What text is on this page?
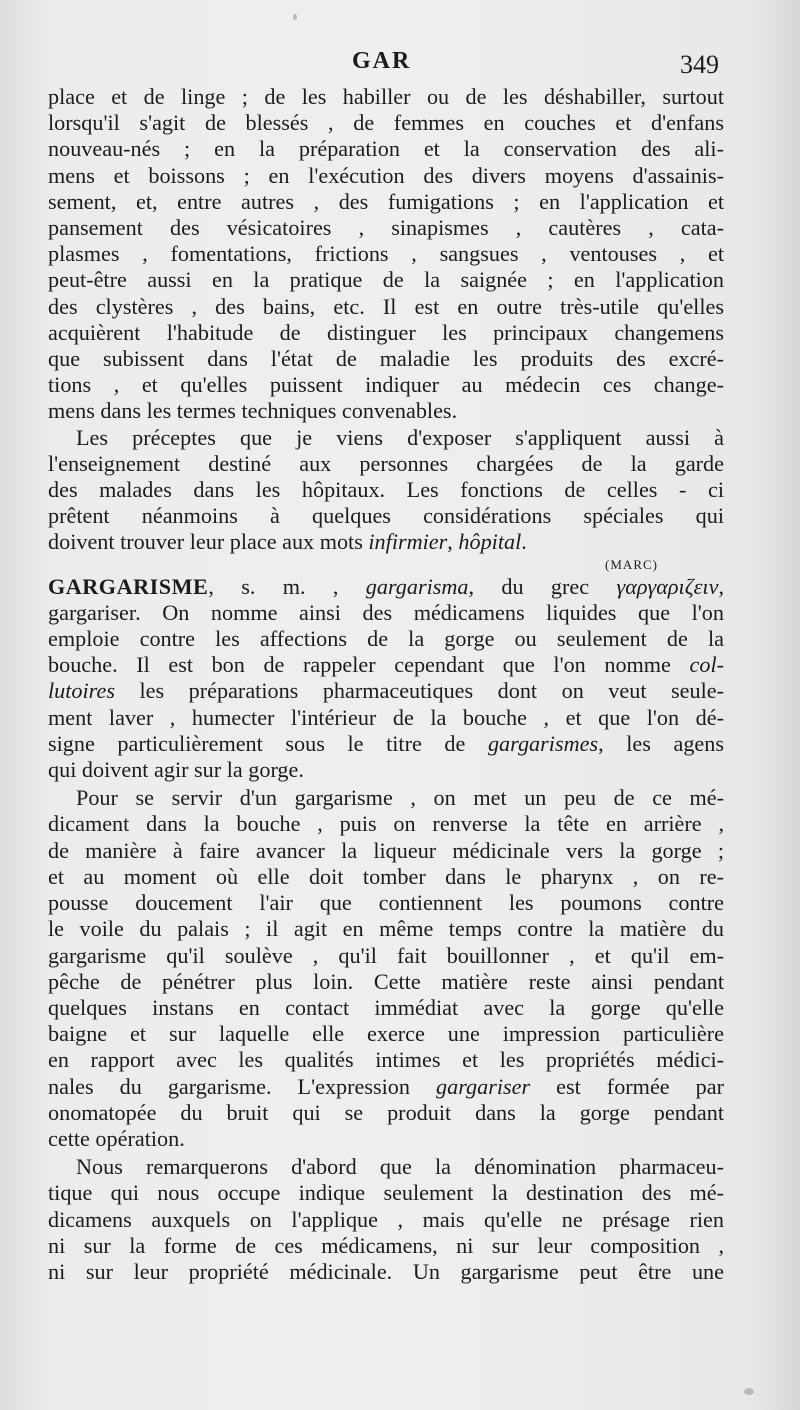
GAR	349
place et de linge ; de les habiller ou de les déshabiller, surtout
lorsqu'il s'agit de blessés , de femmes en couches et d'enfans
nouveau-nés ; en la préparation et la conservation des ali-
mens et boissons ; en l'exécution des divers moyens d'assainis-
sement, et, entre autres , des fumigations ; en l'application et
pansement des vésicatoires , sinapismes , cautères , cata-
plasmes , fomentations, frictions , sangsues , ventouses , et
peut-être aussi en la pratique de la saignée ; en l'application
des clystères , des bains, etc. Il est en outre très-utile qu'elles
acquièrent l'habitude de distinguer les principaux changemens
que subissent dans l'état de maladie les produits des excré-
tions , et qu'elles puissent indiquer au médecin ces change-
mens dans les termes techniques convenables.
Les préceptes que je viens d'exposer s'appliquent aussi à
l'enseignement destiné aux personnes chargées de la garde
des malades dans les hôpitaux. Les fonctions de celles - ci
prêtent néanmoins à quelques considérations spéciales qui
doivent trouver leur place aux mots infirmier, hôpital.
(MARC)
GARGARISME, s. m. , gargarisma, du grec γαργαριζειν,
gargariser. On nomme ainsi des médicamens liquides que l'on
emploie contre les affections de la gorge ou seulement de la
bouche. Il est bon de rappeler cependant que l'on nomme col-
lutoires les préparations pharmaceutiques dont on veut seule-
ment laver , humecter l'intérieur de la bouche , et que l'on dé-
signe particulièrement sous le titre de gargarismes, les agens
qui doivent agir sur la gorge.
Pour se servir d'un gargarisme , on met un peu de ce mé-
dicament dans la bouche , puis on renverse la tête en arrière ,
de manière à faire avancer la liqueur médicinale vers la gorge ;
et au moment où elle doit tomber dans le pharynx , on re-
pousse doucement l'air que contiennent les poumons contre
le voile du palais ; il agit en même temps contre la matière du
gargarisme qu'il soulève , qu'il fait bouillonner , et qu'il em-
pêche de pénétrer plus loin. Cette matière reste ainsi pendant
quelques instans en contact immédiat avec la gorge qu'elle
baigne et sur laquelle elle exerce une impression particulière
en rapport avec les qualités intimes et les propriétés médici-
nales du gargarisme. L'expression gargariser est formée par
onomatopée du bruit qui se produit dans la gorge pendant
cette opération.
Nous remarquerons d'abord que la dénomination pharmaceu-
tique qui nous occupe indique seulement la destination des mé-
dicamens auxquels on l'applique , mais qu'elle ne présage rien
ni sur la forme de ces médicamens, ni sur leur composition ,
ni sur leur propriété médicinale. Un gargarisme peut être une
